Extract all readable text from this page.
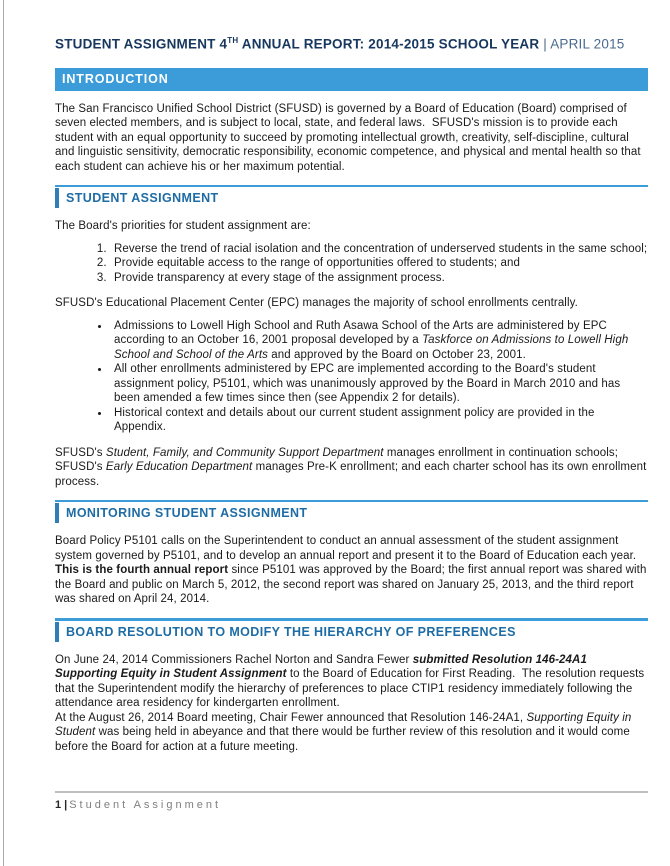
STUDENT ASSIGNMENT 4TH ANNUAL REPORT: 2014-2015 SCHOOL YEAR | APRIL 2015
INTRODUCTION

The San Francisco Unified School District (SFUSD) is governed by a Board of Education (Board) comprised of seven elected members, and is subject to local, state, and federal laws.  SFUSD's mission is to provide each student with an equal opportunity to succeed by promoting intellectual growth, creativity, self-discipline, cultural and linguistic sensitivity, democratic responsibility, economic competence, and physical and mental health so that each student can achieve his or her maximum potential.

STUDENT ASSIGNMENT

The Board's priorities for student assignment are:

1. Reverse the trend of racial isolation and the concentration of underserved students in the same school;
2. Provide equitable access to the range of opportunities offered to students; and
3. Provide transparency at every stage of the assignment process.

SFUSD's Educational Placement Center (EPC) manages the majority of school enrollments centrally.

• Admissions to Lowell High School and Ruth Asawa School of the Arts are administered by EPC according to an October 16, 2001 proposal developed by a Taskforce on Admissions to Lowell High School and School of the Arts and approved by the Board on October 23, 2001.
• All other enrollments administered by EPC are implemented according to the Board's student assignment policy, P5101, which was unanimously approved by the Board in March 2010 and has been amended a few times since then (see Appendix 2 for details).
• Historical context and details about our current student assignment policy are provided in the Appendix.

SFUSD's Student, Family, and Community Support Department manages enrollment in continuation schools; SFUSD's Early Education Department manages Pre-K enrollment; and each charter school has its own enrollment process.

MONITORING STUDENT ASSIGNMENT
Board Policy P5101 calls on the Superintendent to conduct an annual assessment of the student assignment system governed by P5101, and to develop an annual report and present it to the Board of Education each year.
This is the fourth annual report since P5101 was approved by the Board; the first annual report was shared with the Board and public on March 5, 2012, the second report was shared on January 25, 2013, and the third report was shared on April 24, 2014.
BOARD RESOLUTION TO MODIFY THE HIERARCHY OF PREFERENCES
On June 24, 2014 Commissioners Rachel Norton and Sandra Fewer submitted Resolution 146-24A1 Supporting Equity in Student Assignment to the Board of Education for First Reading.  The resolution requests that the Superintendent modify the hierarchy of preferences to place CTIP1 residency immediately following the attendance area residency for kindergarten enrollment.
At the August 26, 2014 Board meeting, Chair Fewer announced that Resolution 146-24A1, Supporting Equity in Student was being held in abeyance and that there would be further review of this resolution and it would come before the Board for action at a future meeting.
1 | Student Assignment
